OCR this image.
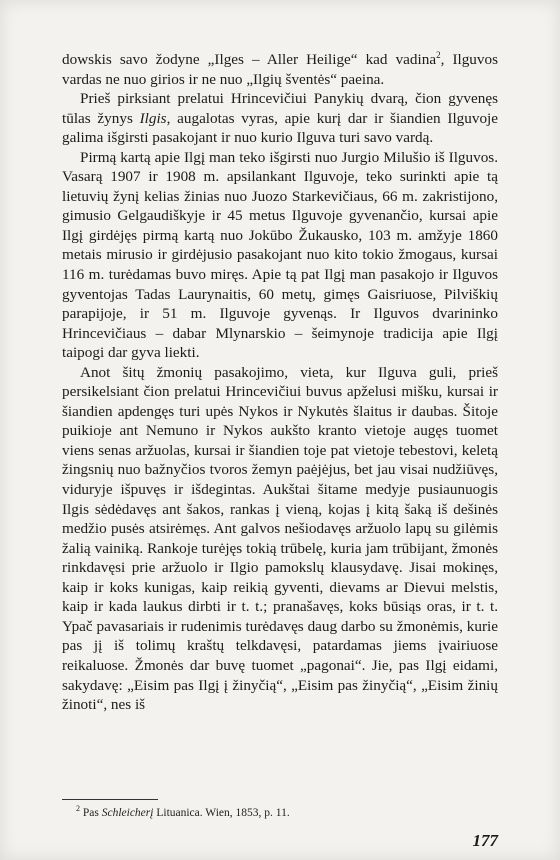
dowskis savo žodyne „Ilges – Aller Heilige“ kad vadina$^2$, Ilguvos vardas ne nuo girios ir ne nuo „Ilgių šventės“ paeina.

Prieš pirksiant prelatui Hrincevičiui Panykių dvarą, čion gyvenęs tūlas žynys Ilgis, augalotas vyras, apie kurį dar ir šiandien Ilguvoje galima išgirsti pasakojant ir nuo kurio Ilguva turi savo vardą.

Pirmą kartą apie Ilgį man teko išgirsti nuo Jurgio Milušio iš Ilguvos. Vasarą 1907 ir 1908 m. apsilankant Ilguvoje, teko surinkti apie tą lietuvių žynį kelias žinias nuo Juozo Starkevičiaus, 66 m. zakristijono, gimusio Gelgaudiškyje ir 45 metus Ilguvoje gyvenančio, kursai apie Ilgį girdėjęs pirmą kartą nuo Jokūbo Žukausko, 103 m. amžyje 1860 metais mirusio ir girdėjusio pasakojant nuo kito tokio žmogaus, kursai 116 m. turėdamas buvo miręs. Apie tą pat Ilgį man pasakojo ir Ilguvos gyventojas Tadas Laurynaitis, 60 metų, gimęs Gaisriuose, Pilviškių parapijoje, ir 51 m. Ilguvoje gyvenąs. Ir Ilguvos dvarininko Hrincevičiaus – dabar Mlynarskio – šeimynoje tradicija apie Ilgį taipogi dar gyva liekti.

Anot šitų žmonių pasakojimo, vieta, kur Ilguva guli, prieš persikelsiant čion prelatui Hrincevičiui buvus apželusi mišku, kursai ir šiandien apdengęs turi upės Nykos ir Nykutės šlaitus ir daubas. Šitoje puikioje ant Nemuno ir Nykos aukšto kranto vietoje augęs tuomet viens senas aržuolas, kursai ir šiandien toje pat vietoje tebestovi, keletą žingsnių nuo bažnyčios tvoros žemyn paėjėjus, bet jau visai nudžiūvęs, viduryje išpuvęs ir išdegintas. Aukštai šitame medyje pusiaunuogis Ilgis sėdėdavęs ant šakos, rankas į vieną, kojas į kitą šaką iš dešinės medžio pusės atsirėmęs. Ant galvos nešiodavęs aržuolo lapų su gilėmis žalią vainiką. Rankoje turėjęs tokią trūbelę, kuria jam trūbijant, žmonės rinkdavęsi prie aržuolo ir Ilgio pamokslų klausydavę. Jisai mokinęs, kaip ir koks kunigas, kaip reikią gyventi, dievams ar Dievui melstis, kaip ir kada laukus dirbti ir t. t.; pranašavęs, koks būsiąs oras, ir t. t. Ypač pavasariais ir rudenimis turėdavęs daug darbo su žmonėmis, kurie pas jį iš tolimų kraštų telkdavęsi, patardamas jiems įvairiuose reikaluose. Žmonės dar buvę tuomet „pagonai“. Jie, pas Ilgį eidami, sakydavę: „Eisim pas Ilgį į žinyčią“, „Eisim pas žinyčią“, „Eisim žinių žinoti“, nes iš

$^2$ Pas Schleicherį Lituanica. Wien, 1853, p. 11.
177
